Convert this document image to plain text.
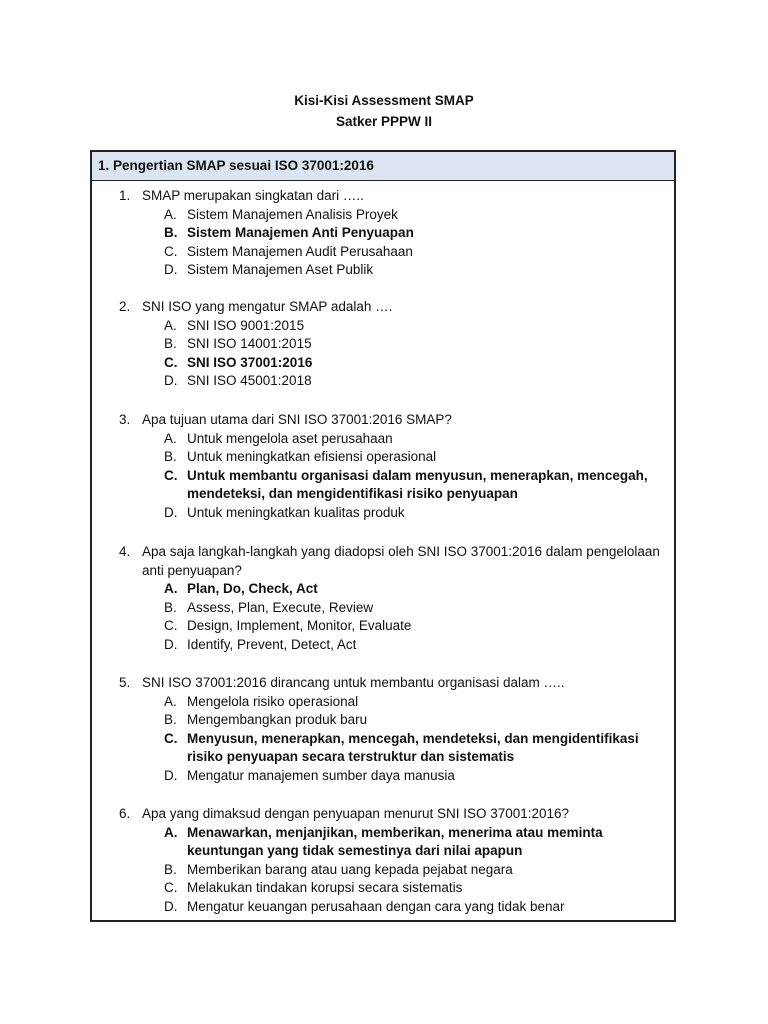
Kisi-Kisi Assessment SMAP
Satker PPPW II
1. Pengertian SMAP sesuai ISO 37001:2016
1. SMAP merupakan singkatan dari …..
A. Sistem Manajemen Analisis Proyek
B. Sistem Manajemen Anti Penyuapan
C. Sistem Manajemen Audit Perusahaan
D. Sistem Manajemen Aset Publik
2. SNI ISO yang mengatur SMAP adalah ….
A. SNI ISO 9001:2015
B. SNI ISO 14001:2015
C. SNI ISO 37001:2016
D. SNI ISO 45001:2018
3. Apa tujuan utama dari SNI ISO 37001:2016 SMAP?
A. Untuk mengelola aset perusahaan
B. Untuk meningkatkan efisiensi operasional
C. Untuk membantu organisasi dalam menyusun, menerapkan, mencegah, mendeteksi, dan mengidentifikasi risiko penyuapan
D. Untuk meningkatkan kualitas produk
4. Apa saja langkah-langkah yang diadopsi oleh SNI ISO 37001:2016 dalam pengelolaan anti penyuapan?
A. Plan, Do, Check, Act
B. Assess, Plan, Execute, Review
C. Design, Implement, Monitor, Evaluate
D. Identify, Prevent, Detect, Act
5. SNI ISO 37001:2016 dirancang untuk membantu organisasi dalam …..
A. Mengelola risiko operasional
B. Mengembangkan produk baru
C. Menyusun, menerapkan, mencegah, mendeteksi, dan mengidentifikasi risiko penyuapan secara terstruktur dan sistematis
D. Mengatur manajemen sumber daya manusia
6. Apa yang dimaksud dengan penyuapan menurut SNI ISO 37001:2016?
A. Menawarkan, menjanjikan, memberikan, menerima atau meminta keuntungan yang tidak semestinya dari nilai apapun
B. Memberikan barang atau uang kepada pejabat negara
C. Melakukan tindakan korupsi secara sistematis
D. Mengatur keuangan perusahaan dengan cara yang tidak benar
